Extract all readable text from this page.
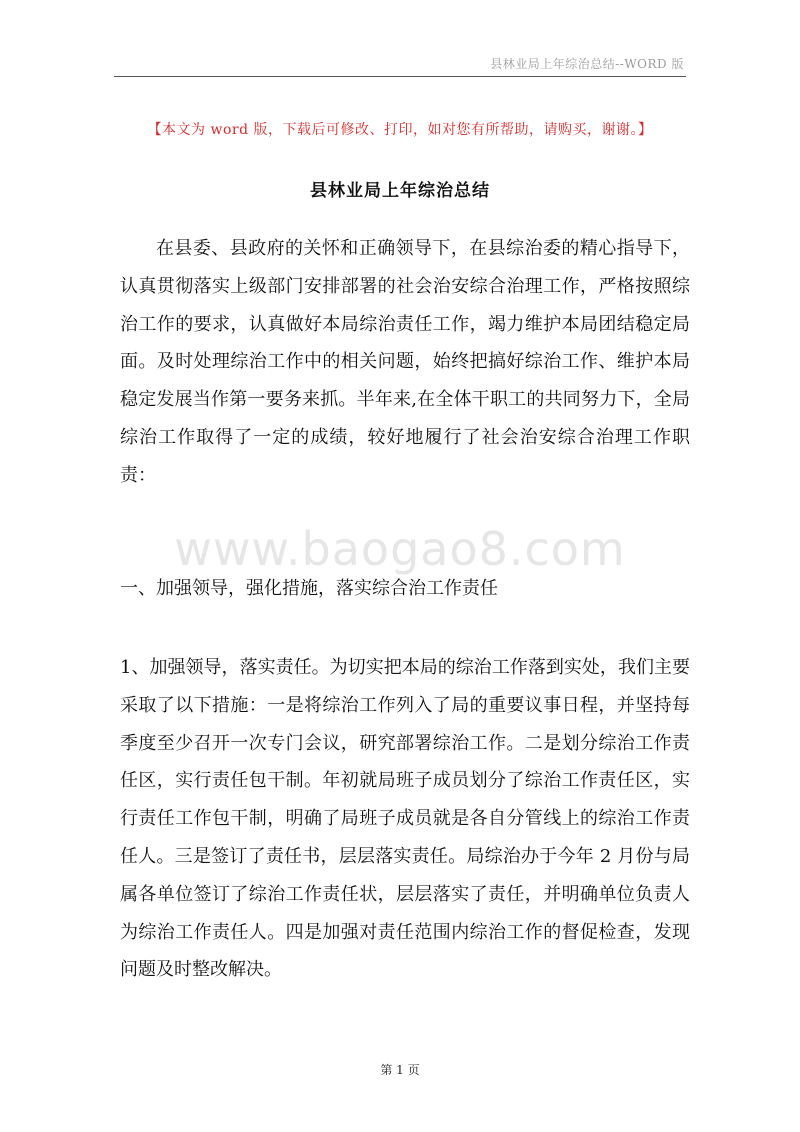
县林业局上年综治总结--WORD 版
【本文为 word 版，下载后可修改、打印，如对您有所帮助，请购买，谢谢。】
县林业局上年综治总结
在县委、县政府的关怀和正确领导下，在县综治委的精心指导下，认真贯彻落实上级部门安排部署的社会治安综合治理工作，严格按照综治工作的要求，认真做好本局综治责任工作，竭力维护本局团结稳定局面。及时处理综治工作中的相关问题，始终把搞好综治工作、维护本局稳定发展当作第一要务来抓。半年来,在全体干职工的共同努力下，全局综治工作取得了一定的成绩，较好地履行了社会治安综合治理工作职责：
www.baogao8.com
一、加强领导，强化措施，落实综合治工作责任
1、加强领导，落实责任。为切实把本局的综治工作落到实处，我们主要采取了以下措施：一是将综治工作列入了局的重要议事日程，并坚持每季度至少召开一次专门会议，研究部署综治工作。二是划分综治工作责任区，实行责任包干制。年初就局班子成员划分了综治工作责任区，实行责任工作包干制，明确了局班子成员就是各自分管线上的综治工作责任人。三是签订了责任书，层层落实责任。局综治办于今年 2 月份与局属各单位签订了综治工作责任状，层层落实了责任，并明确单位负责人为综治工作责任人。四是加强对责任范围内综治工作的督促检查，发现问题及时整改解决。
第 1 页
